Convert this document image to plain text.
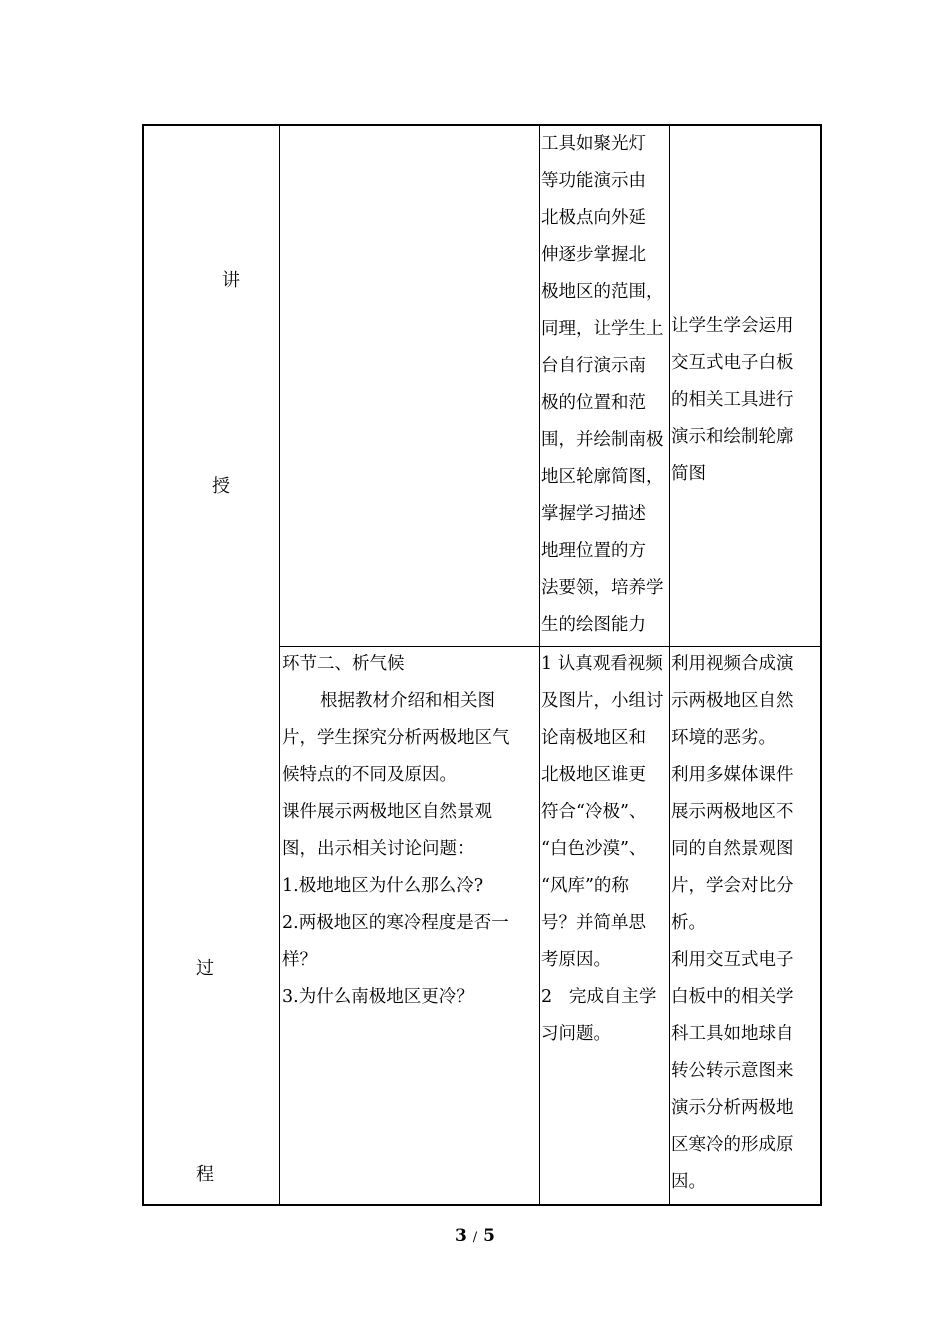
讲
授
过
程

工具如聚光灯

等功能演示由

北极点向外延

伸逐步掌握北

极地区的范围，

同理，让学生上

台自行演示南

极的位置和范

围，并绘制南极

地区轮廓简图，

掌握学习描述

地理位置的方

法要领，培养学

生的绘图能力

让学生学会运用

交互式电子白板

的相关工具进行

演示和绘制轮廓

简图

环节二、析气候

根据教材介绍和相关图

片，学生探究分析两极地区气

候特点的不同及原因。

课件展示两极地区自然景观

图，出示相关讨论问题：

1.极地地区为什么那么冷?

2.两极地区的寒冷程度是否一

样？

3.为什么南极地区更冷？

1 认真观看视频

及图片，小组讨

论南极地区和

北极地区谁更

符合“冷极”、

“白色沙漠”、

“风库”的称

号？并简单思

考原因。

2   完成自主学

习问题。

利用视频合成演

示两极地区自然

环境的恶劣。

利用多媒体课件

展示两极地区不

同的自然景观图

片，学会对比分

析。

利用交互式电子

白板中的相关学

科工具如地球自

转公转示意图来

演示分析两极地

区寒冷的形成原

因。

3 / 5
